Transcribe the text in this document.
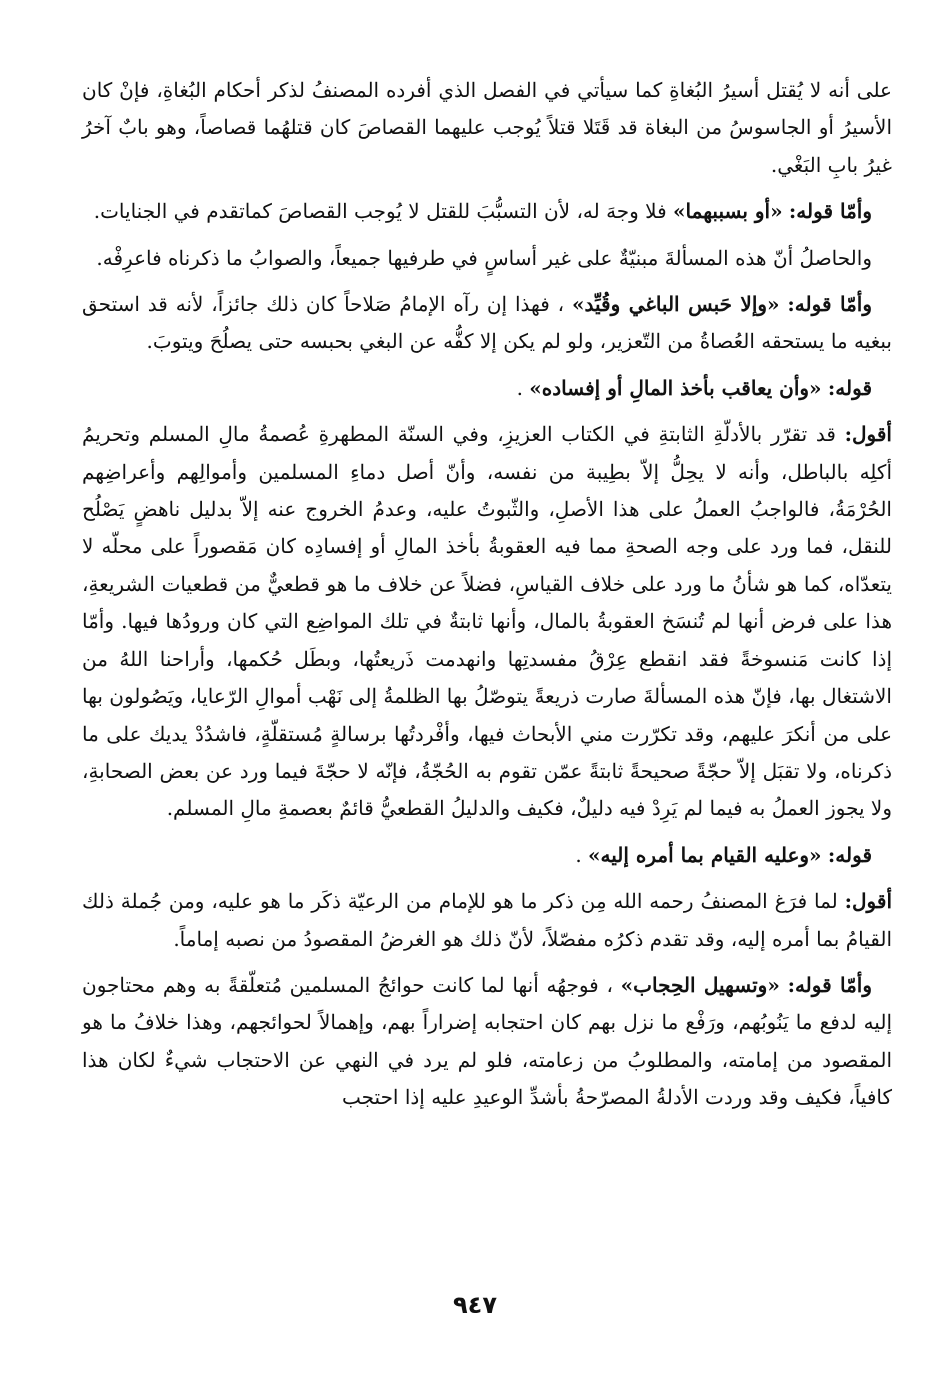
على أنه لا يُقتل أسيرُ البُغاةِ كما سيأتي في الفصل الذي أفرده المصنفُ لذكر أحكام البُغاةِ، فإنْ كان الأسيرُ أو الجاسوسُ من البغاة قد قَتَلا قتلاً يُوجب عليهما القصاصَ كان قتلهُما قصاصاً، وهو بابٌ آخرُ غيرُ بابِ البَغْي.

وأمّا قوله: «أو بسببهما» فلا وجهَ له، لأن التسبُّبَ للقتل لا يُوجب القصاصَ كماتقدم في الجنايات.

والحاصلُ أنّ هذه المسألةَ مبنيّةٌ على غير أساسٍ في طرفيها جميعاً، والصوابُ ما ذكرناه فاعرِفْه.

وأمّا قوله: «وإلا حَبس الباغي وقُيِّد» ، فهذا إن رآه الإمامُ صَلاحاً كان ذلك جائزاً، لأنه قد استحق ببغيه ما يستحقه العُصاةُ من التّعزير، ولو لم يكن إلا كفُّه عن البغي بحبسه حتى يصلُحَ ويتوبَ.

قوله: «وأن يعاقب بأخذ المالِ أو إفساده» .

أقول: قد تقرّر بالأدلّةِ الثابتةِ في الكتاب العزيزِ، وفي السنّة المطهرةِ عُصمةُ مالِ المسلم وتحريمُ أكلِه بالباطل، وأنه لا يحِلُّ إلاّ بطِيبة من نفسه، وأنّ أصل دماءِ المسلمين وأموالِهم وأعراضِهم الحُرْمَةُ، فالواجبُ العملُ على هذا الأصلِ، والثّبوتُ عليه، وعدمُ الخروج عنه إلاّ بدليل ناهضٍ يَصْلُح للنقل، فما ورد على وجه الصحةِ مما فيه العقوبةُ بأخذ المالِ أو إفسادِه كان مَقصوراً على محلّه لا يتعدّاه، كما هو شأنُ ما ورد على خلاف القياسِ، فضلاً عن خلاف ما هو قطعيٌّ من قطعيات الشريعةِ، هذا على فرض أنها لم تُنسَخ العقوبةُ بالمال، وأنها ثابتةٌ في تلك المواضِع التي كان ورودُها فيها. وأمّا إذا كانت مَنسوخةً فقد انقطع عِرْقُ مفسدتِها وانهدمت ذَريعتُها، وبطَل حُكمها، وأراحنا اللهُ من الاشتغال بها، فإنّ هذه المسألةَ صارت ذريعةً يتوصّلُ بها الظلمةُ إلى نَهْب أموالِ الرّعايا، ويَصُولون بها على من أنكرَ عليهم، وقد تكرّرت مني الأبحاث فيها، وأفْردتُها برسالةٍ مُستقلّةٍ، فاشدُدْ يديك على ما ذكرناه، ولا تقبَل إلاّ حجّةً صحيحةً ثابتةً عمّن تقوم به الحُجّةُ، فإنّه لا حجّةَ فيما ورد عن بعض الصحابةِ، ولا يجوز العملُ به فيما لم يَرِدْ فيه دليلٌ، فكيف والدليلُ القطعيُّ قائمٌ بعصمةِ مالِ المسلم.

قوله: «وعليه القيام بما أمره إليه» .

أقول: لما فرَغ المصنفُ رحمه الله مِن ذكر ما هو للإمام من الرعيّة ذكَر ما هو عليه، ومن جُملة ذلك القيامُ بما أمره إليه، وقد تقدم ذكرُه مفصّلاً، لأنّ ذلك هو الغرضُ المقصودُ من نصبه إماماً.

وأمّا قوله: «وتسهيل الحِجاب» ، فوجهُه أنها لما كانت حوائجُ المسلمين مُتعلّقةً به وهم محتاجون إليه لدفع ما يَنُوبُهم، ورَفْع ما نزل بهم كان احتجابه إضراراً بهم، وإهمالاً لحوائجهم، وهذا خلافُ ما هو المقصود من إمامته، والمطلوبُ من زعامته، فلو لم يرد في النهي عن الاحتجاب شيءٌ لكان هذا كافياً، فكيف وقد وردت الأدلةُ المصرّحةُ بأشدِّ الوعيدِ عليه إذا احتجب

٩٤٧
